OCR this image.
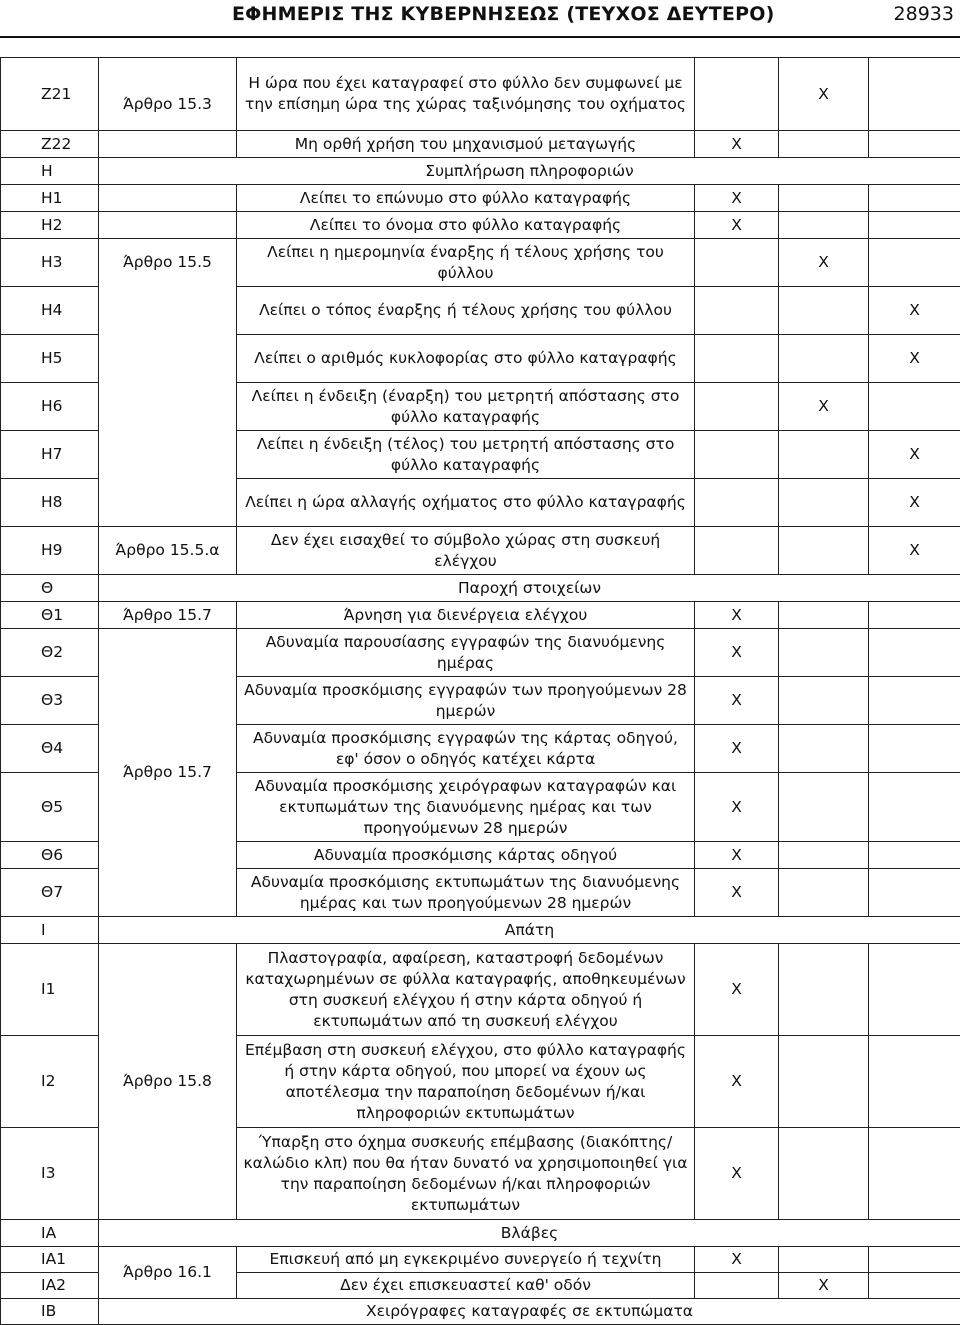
ΕΦΗΜΕΡΙΣ ΤΗΣ ΚΥΒΕΡΝΗΣΕΩΣ (ΤΕΥΧΟΣ ΔΕΥΤΕΡΟ)	28933
Ζ21	Άρθρο 15.3	Η ώρα που έχει καταγραφεί στο φύλλο δεν συμφωνεί με την επίσημη ώρα της χώρας ταξινόμησης του οχήματος		Χ	
Ζ22		Μη ορθή χρήση του μηχανισμού μεταγωγής	Χ		
Η	Συμπλήρωση πληροφοριών				
Η1		Λείπει το επώνυμο στο φύλλο καταγραφής	Χ		
Η2		Λείπει το όνομα στο φύλλο καταγραφής	Χ		
Η3	Άρθρο 15.5	Λείπει η ημερομηνία έναρξης ή τέλους χρήσης του φύλλου		Χ	
Η4		Λείπει ο τόπος έναρξης ή τέλους χρήσης του φύλλου			Χ
Η5		Λείπει ο αριθμός κυκλοφορίας στο φύλλο καταγραφής			Χ
Η6		Λείπει η ένδειξη (έναρξη) του μετρητή απόστασης στο φύλλο καταγραφής		Χ	
Η7		Λείπει η ένδειξη (τέλος) του μετρητή απόστασης στο φύλλο καταγραφής			Χ
Η8		Λείπει η ώρα αλλαγής οχήματος στο φύλλο καταγραφής			Χ
Η9	Άρθρο 15.5.α	Δεν έχει εισαχθεί το σύμβολο χώρας στη συσκευή ελέγχου			Χ
Θ	Παροχή στοιχείων				
Θ1	Άρθρο 15.7	Άρνηση για διενέργεια ελέγχου	Χ		
Θ2	Άρθρο 15.7	Αδυναμία παρουσίασης εγγραφών της διανυόμενης ημέρας	Χ		
Θ3		Αδυναμία προσκόμισης εγγραφών των προηγούμενων 28 ημερών	Χ		
Θ4		Αδυναμία προσκόμισης εγγραφών της κάρτας οδηγού, εφ' όσον ο οδηγός κατέχει κάρτα	Χ		
Θ5		Αδυναμία προσκόμισης χειρόγραφων καταγραφών και εκτυπωμάτων της διανυόμενης ημέρας και των προηγούμενων 28 ημερών	Χ		
Θ6		Αδυναμία προσκόμισης κάρτας οδηγού	Χ		
Θ7		Αδυναμία προσκόμισης εκτυπωμάτων της διανυόμενης ημέρας και των προηγούμενων 28 ημερών	Χ		
Ι	Απάτη				
Ι1	Άρθρο 15.8	Πλαστογραφία, αφαίρεση, καταστροφή δεδομένων καταχωρημένων σε φύλλα καταγραφής, αποθηκευμένων στη συσκευή ελέγχου ή στην κάρτα οδηγού ή εκτυπωμάτων από τη συσκευή ελέγχου	Χ		
Ι2		Επέμβαση στη συσκευή ελέγχου, στο φύλλο καταγραφής ή στην κάρτα οδηγού, που μπορεί να έχουν ως αποτέλεσμα την παραποίηση δεδομένων ή/και πληροφοριών εκτυπωμάτων	Χ		
Ι3		Ύπαρξη στο όχημα συσκευής επέμβασης (διακόπτης/καλώδιο κλπ) που θα ήταν δυνατό να χρησιμοποιηθεί για την παραποίηση δεδομένων ή/και πληροφοριών εκτυπωμάτων	Χ		
ΙΑ	Βλάβες				
ΙΑ1	Άρθρο 16.1	Επισκευή από μη εγκεκριμένο συνεργείο ή τεχνίτη	Χ		
ΙΑ2		Δεν έχει επισκευαστεί καθ' οδόν		Χ	
ΙΒ	Χειρόγραφες καταγραφές σε εκτυπώματα				
